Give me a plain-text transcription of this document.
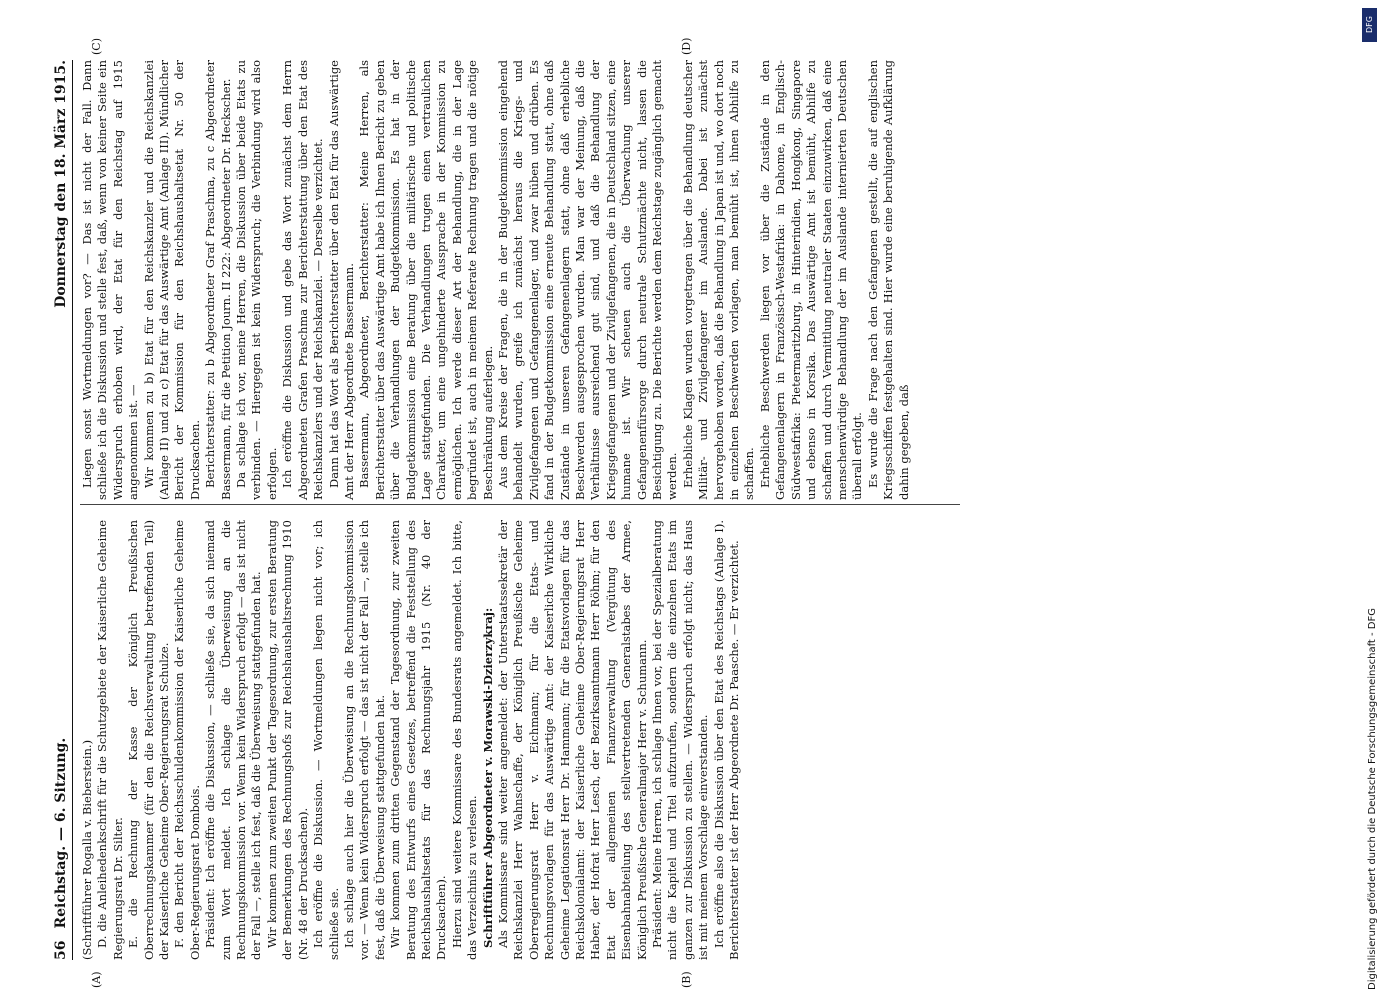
56
Reichstag. — 6. Sitzung.
Donnerstag den 18. März 1915.
(A)	(B)
(C)	(D)

(Schriftführer Rogalla v. Bieberstein.) D. die Anleihedenkschrift für die Schutzgebiete der Kaiserliche Geheime Regierungsrat Dr. Silter. E. die Rechnung der Kasse der Königlich Preußischen Oberrechnungskammer (für den die Reichsverwaltung betreffenden Teil) der Kaiserliche Geheime Ober-Regierungsrat Schulze. F. den Bericht der Reichsschuldenkommission der Kaiserliche Geheime Ober-Regierungsrat Dombois. Präsident: Ich eröffne die Diskussion, — schließe sie, da sich niemand zum Wort meldet. Ich schlage die Überweisung an die Rechnungskommission vor. Wenn kein Widerspruch erfolgt — das ist nicht der Fall —, stelle ich fest, daß die Überweisung stattgefunden hat. Wir kommen zum zweiten Punkt der Tagesordnung, zur ersten Beratung der Bemerkungen des Rechnungshofs zur Reichshaushaltsrechnung 1910 (Nr. 48 der Drucksachen). Ich eröffne die Diskussion. — Wortmeldungen liegen nicht vor; ich schließe sie. Ich schlage auch hier die Überweisung an die Rechnungskommission vor. — Wenn kein Widerspruch erfolgt — das ist nicht der Fall —, stelle ich fest, daß die Überweisung stattgefunden hat. Wir kommen zum dritten Gegenstand der Tagesordnung, zur zweiten Beratung des Entwurfs eines Gesetzes, betreffend die Feststellung des Reichshaushaltsetats für das Rechnungsjahr 1915 (Nr. 40 der Drucksachen). Hierzu sind weitere Kommissare des Bundesrats angemeldet. Ich bitte, das Verzeichnis zu verlesen. Schriftführer Abgeordneter v. Morawski-Dzierzykraj: Als Kommissare sind weiter angemeldet: der Unterstaatssekretär der Reichskanzlei Herr Wahnschaffe, der Königlich Preußische Geheime Oberregierungsrat Herr v. Eichmann; für die Etats- und Rechnungsvorlagen für das Auswärtige Amt: der Kaiserliche Wirkliche Geheime Legationsrat Herr Dr. Hammann; für die Etatsvorlagen für das Reichskolonialamt: der Kaiserliche Geheime Ober-Regierungsrat Herr Haber, der Hofrat Herr Lesch, der Bezirksamtmann Herr Röhm; für den Etat der allgemeinen Finanzverwaltung (Vergütung des Eisenbahnabteilung des stellvertretenden Generalstabes der Armee, Königlich Preußische Generalmajor Herr v. Schumann. Präsident: Meine Herren, ich schlage Ihnen vor, bei der Spezialberatung nicht die Kapitel und Titel aufzurufen, sondern die einzelnen Etats im ganzen zur Diskussion zu stellen. — Widerspruch erfolgt nicht; das Haus ist mit meinem Vorschlage einverstanden. Ich eröffne also die Diskussion über den Etat des Reichstags (Anlage I). Berichterstatter ist der Herr Abgeordnete Dr. Paasche. — Er verzichtet.

Liegen sonst Wortmeldungen vor? — Das ist nicht der Fall. Dann schließe ich die Diskussion und stelle fest, daß, wenn von keiner Seite ein Widerspruch erhoben wird, der Etat für den Reichstag auf 1915 angenommen ist. — Wir kommen zu b) Etat für den Reichskanzler und die Reichskanzlei (Anlage II) und zu c) Etat für das Auswärtige Amt (Anlage III). Mündlicher Bericht der Kommission für den Reichshaushaltsetat Nr. 50 der Drucksachen. Berichterstatter: zu b Abgeordneter Graf Praschma, zu c Abgeordneter Bassermann, für die Petition Journ. II 222: Abgeordneter Dr. Heckscher. Da schlage ich vor, meine Herren, die Diskussion über beide Etats zu verbinden. — Hiergegen ist kein Widerspruch; die Verbindung wird also erfolgen. Ich eröffne die Diskussion und gebe das Wort zunächst dem Herrn Abgeordneten Grafen Praschma zur Berichterstattung über den Etat des Reichskanzlers und der Reichskanzlei. — Derselbe verzichtet. Dann hat das Wort als Berichterstatter über den Etat für das Auswärtige Amt der Herr Abgeordnete Bassermann. Bassermann, Abgeordneter, Berichterstatter: Meine Herren, als Berichterstatter über das Auswärtige Amt habe ich Ihnen Bericht zu geben über die Verhandlungen der Budgetkommission. Es hat in der Budgetkommission eine Beratung über die militärische und politische Lage stattgefunden. Die Verhandlungen trugen einen vertraulichen Charakter, um eine ungehinderte Aussprache in der Kommission zu ermöglichen. Ich werde dieser Art der Behandlung, die in der Lage begründet ist, auch in meinem Referate Rechnung tragen und die nötige Beschränkung auferlegen. Aus dem Kreise der Fragen, die in der Budgetkommission eingehend behandelt wurden, greife ich zunächst heraus die Kriegs- und Zivilgefangenen und Gefangenenlager, und zwar hüben und drüben. Es fand in der Budgetkommission eine erneute Behandlung statt, ohne daß Zustände in unseren Gefangenenlagern statt, ohne daß erhebliche Beschwerden ausgesprochen wurden. Man war der Meinung, daß die Verhältnisse ausreichend gut sind, und daß die Behandlung der Kriegsgefangenen und der Zivilgefangenen, die in Deutschland sitzen, eine humane ist. Wir scheuen auch die Überwachung unserer Gefangenenfürsorge durch neutrale Schutzmächte nicht, lassen die Besichtigung zu. Die Berichte werden dem Reichstage zugänglich gemacht werden. Erhebliche Klagen wurden vorgetragen über die Behandlung deutscher Militär- und Zivilgefangener im Auslande. Dabei ist zunächst hervorgehoben worden, daß die Behandlung in Japan ist und, wo dort noch in einzelnen Beschwerden vorlagen, man bemüht ist, ihnen Abhilfe zu schaffen. Erhebliche Beschwerden liegen vor über die Zustände in den Gefangenenlagern in Französisch-Westafrika: in Dahome, in Englisch-Südwestafrika: Pietermaritzburg, in Hinterindien, Hongkong, Singapore und ebenso in Korsika. Das Auswärtige Amt ist bemüht, Abhilfe zu schaffen und durch Vermittlung neutraler Staaten einzuwirken, daß eine menschenwürdige Behandlung der im Auslande internierten Deutschen überall erfolgt. Es wurde die Frage nach den Gefangenen gestellt, die auf englischen Kriegsschiffen festgehalten sind. Hier wurde eine beruhigende Aufklärung dahin gegeben, daß

DFG
Digitalisierung gefördert durch die Deutsche Forschungsgemeinschaft - DFG
